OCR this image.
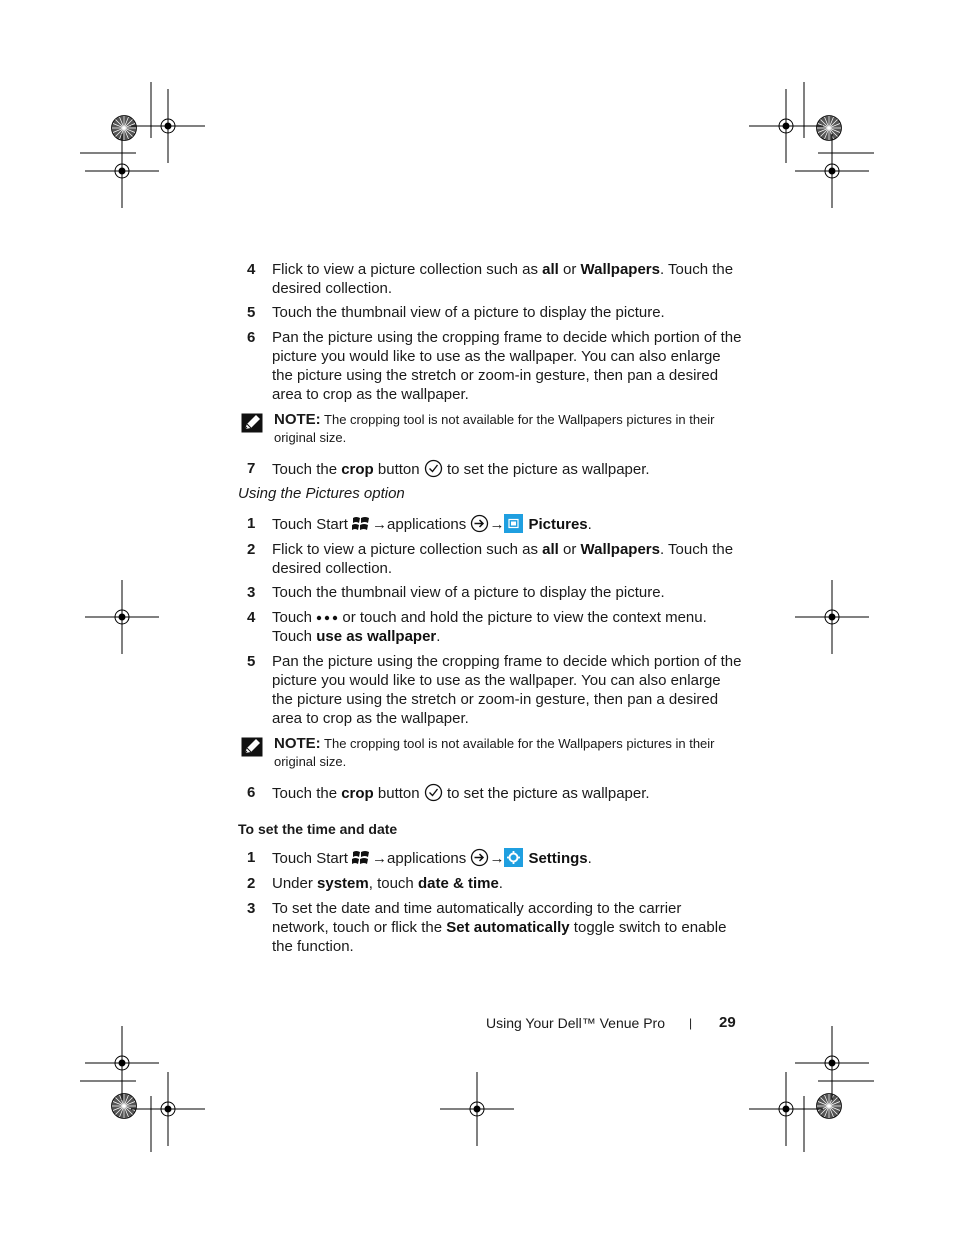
4 Flick to view a picture collection such as all or Wallpapers. Touch the desired collection.
5 Touch the thumbnail view of a picture to display the picture.
6 Pan the picture using the cropping frame to decide which portion of the picture you would like to use as the wallpaper. You can also enlarge the picture using the stretch or zoom-in gesture, then pan a desired area to crop as the wallpaper.
NOTE: The cropping tool is not available for the Wallpapers pictures in their original size.
7 Touch the crop button  to set the picture as wallpaper.
Using the Pictures option
1 Touch Start →applications → Pictures.
2 Flick to view a picture collection such as all or Wallpapers. Touch the desired collection.
3 Touch the thumbnail view of a picture to display the picture.
4 Touch  or touch and hold the picture to view the context menu. Touch use as wallpaper.
5 Pan the picture using the cropping frame to decide which portion of the picture you would like to use as the wallpaper. You can also enlarge the picture using the stretch or zoom-in gesture, then pan a desired area to crop as the wallpaper.
NOTE: The cropping tool is not available for the Wallpapers pictures in their original size.
6 Touch the crop button  to set the picture as wallpaper.
To set the time and date
1 Touch Start →applications → Settings.
2 Under system, touch date & time.
3 To set the date and time automatically according to the carrier network, touch or flick the Set automatically toggle switch to enable the function.
Using Your Dell™ Venue Pro | 29
